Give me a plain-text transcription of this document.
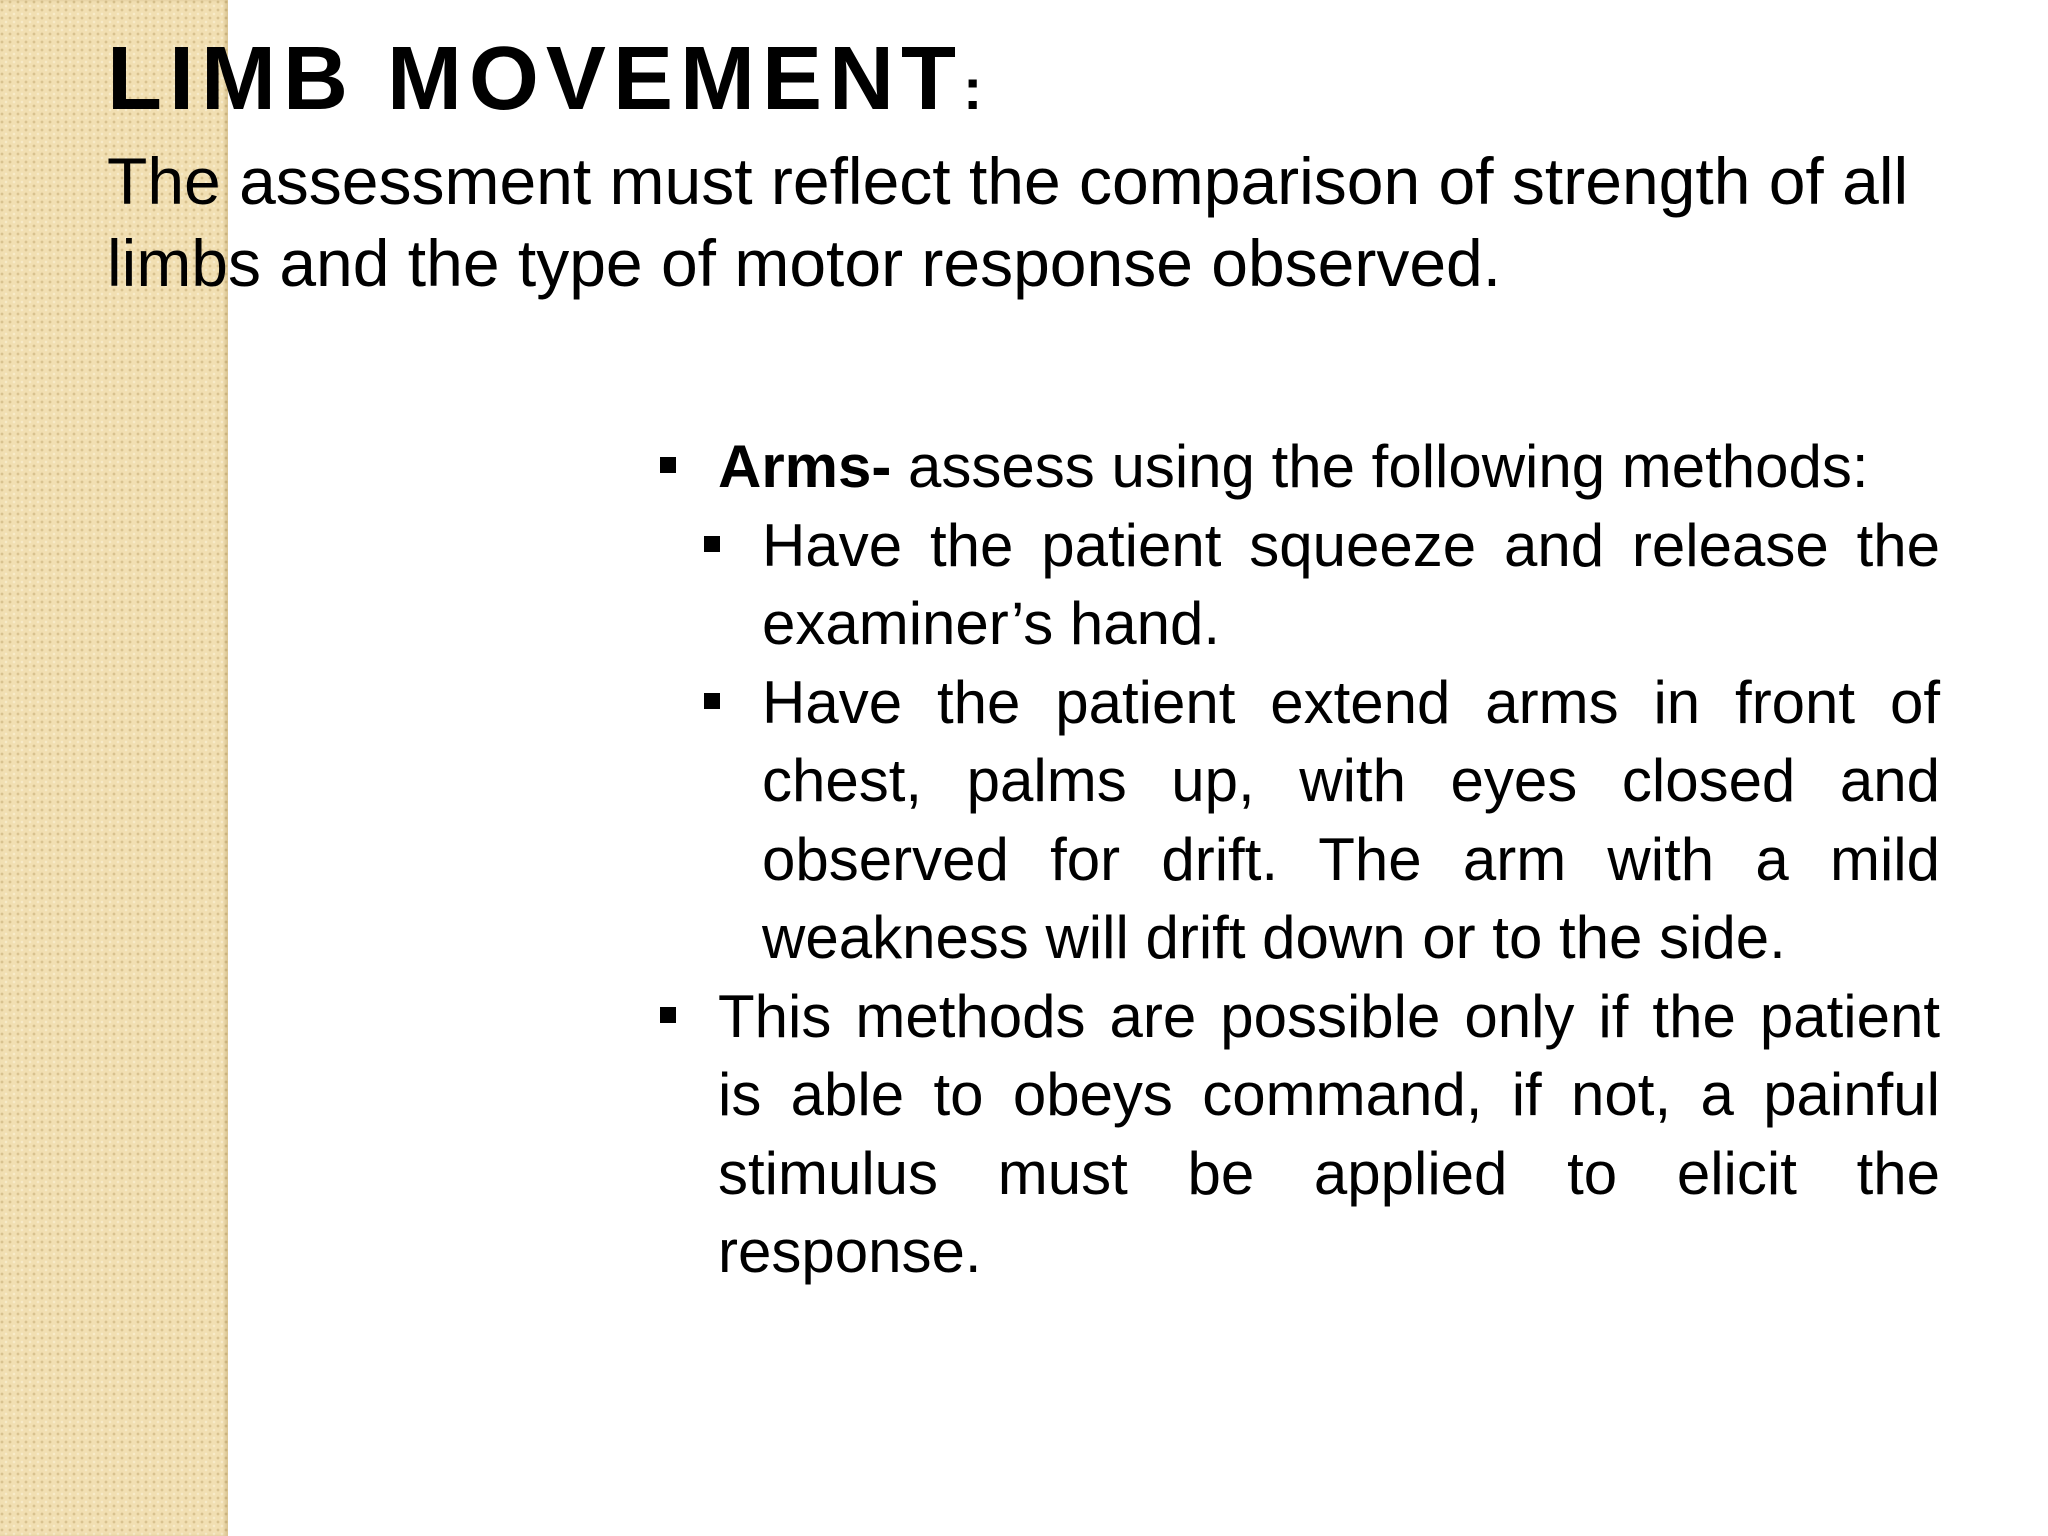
LIMB MOVEMENT:

The assessment must reflect the comparison of strength of all limbs and the type of motor response observed.

Arms- assess using the following methods:
Have the patient squeeze and release the examiner’s hand.
Have the patient extend arms in front of chest, palms up, with eyes closed and observed for drift. The arm with a mild weakness will drift down or to the side.
This methods are possible only if the patient is able to obeys command, if not, a painful stimulus must be applied to elicit the response.
